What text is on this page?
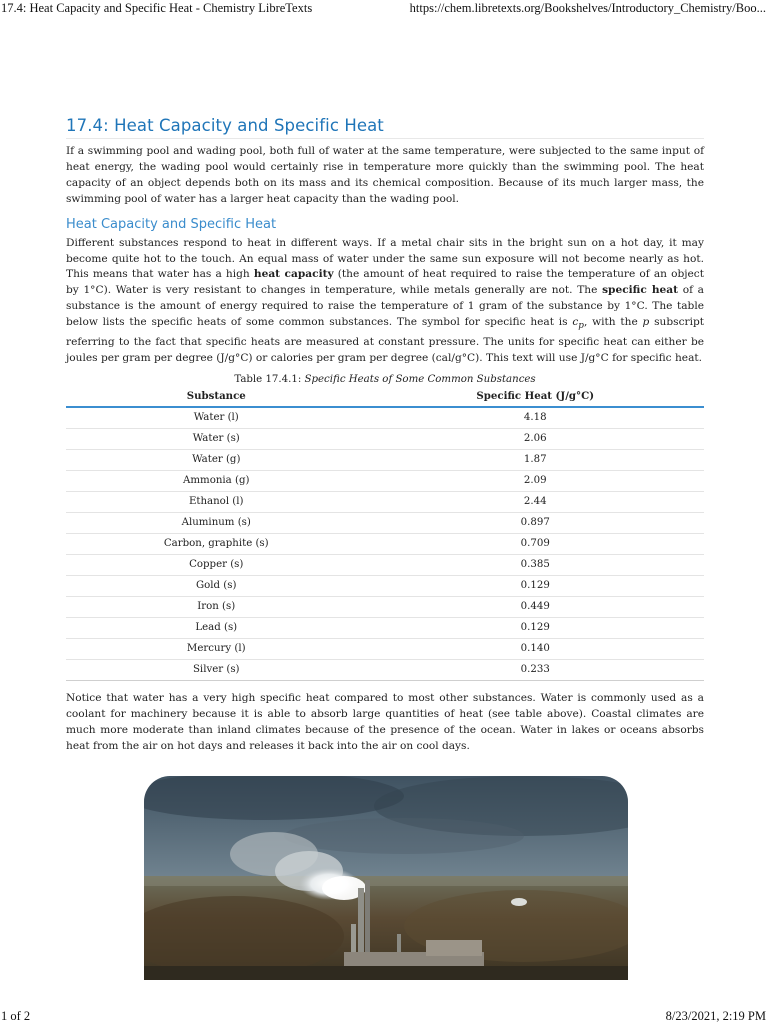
17.4: Heat Capacity and Specific Heat - Chemistry LibreTexts	https://chem.libretexts.org/Bookshelves/Introductory_Chemistry/Boo...
17.4: Heat Capacity and Specific Heat

If a swimming pool and wading pool, both full of water at the same temperature, were subjected to the same input of heat energy, the wading pool would certainly rise in temperature more quickly than the swimming pool. The heat capacity of an object depends both on its mass and its chemical composition. Because of its much larger mass, the swimming pool of water has a larger heat capacity than the wading pool.

Heat Capacity and Specific Heat

Different substances respond to heat in different ways. If a metal chair sits in the bright sun on a hot day, it may become quite hot to the touch. An equal mass of water under the same sun exposure will not become nearly as hot. This means that water has a high heat capacity (the amount of heat required to raise the temperature of an object by 1°C). Water is very resistant to changes in temperature, while metals generally are not. The specific heat of a substance is the amount of energy required to raise the temperature of 1 gram of the substance by 1°C. The table below lists the specific heats of some common substances. The symbol for specific heat is $c_p$, with the p subscript referring to the fact that specific heats are measured at constant pressure. The units for specific heat can either be joules per gram per degree (J/g°C) or calories per gram per degree (cal/g°C). This text will use J/g°C for specific heat.

Table 17.4.1: Specific Heats of Some Common Substances
Substance	Specific Heat (J/g°C)
Water (l)	4.18
Water (s)	2.06
Water (g)	1.87
Ammonia (g)	2.09
Ethanol (l)	2.44
Aluminum (s)	0.897
Carbon, graphite (s)	0.709
Copper (s)	0.385
Gold (s)	0.129
Iron (s)	0.449
Lead (s)	0.129
Mercury (l)	0.140
Silver (s)	0.233

Notice that water has a very high specific heat compared to most other substances. Water is commonly used as a coolant for machinery because it is able to absorb large quantities of heat (see table above). Coastal climates are much more moderate than inland climates because of the presence of the ocean. Water in lakes or oceans absorbs heat from the air on hot days and releases it back into the air on cool days.

1 of 2	8/23/2021, 2:19 PM
